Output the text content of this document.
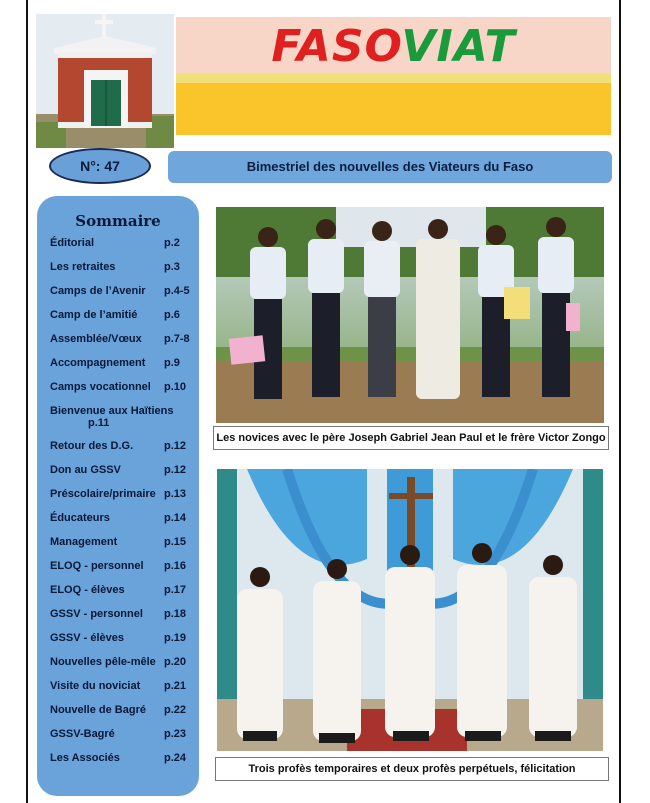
FASOVIAT
N°: 47	Bimestriel des nouvelles des Viateurs du Faso
Sommaire
Éditorial	p.2
Les retraites	p.3
Camps de l’Avenir p.4-5
Camp de l’amitié p.6
Assemblée/Vœux p.7-8
Accompagnement p.9
Camps vocationnel p.10
Bienvenue aux Haïtiens
p.11
Retour des D.G.	p.12
Don au GSSV	p.12
Préscolaire/primaire p.13
Éducateurs	p.14
Management	p.15
ELOQ - personnel p.16
ELOQ - élèves	p.17
GSSV - personnel p.18
GSSV - élèves	p.19
Nouvelles pêle-mêle p.20
Visite du noviciat p.21
Nouvelle de Bagré p.22
GSSV-Bagré	p.23
Les Associés	p.24
Les novices avec le père Joseph Gabriel Jean Paul et le frère Victor Zongo
Trois profès temporaires et deux profès perpétuels, félicitation
